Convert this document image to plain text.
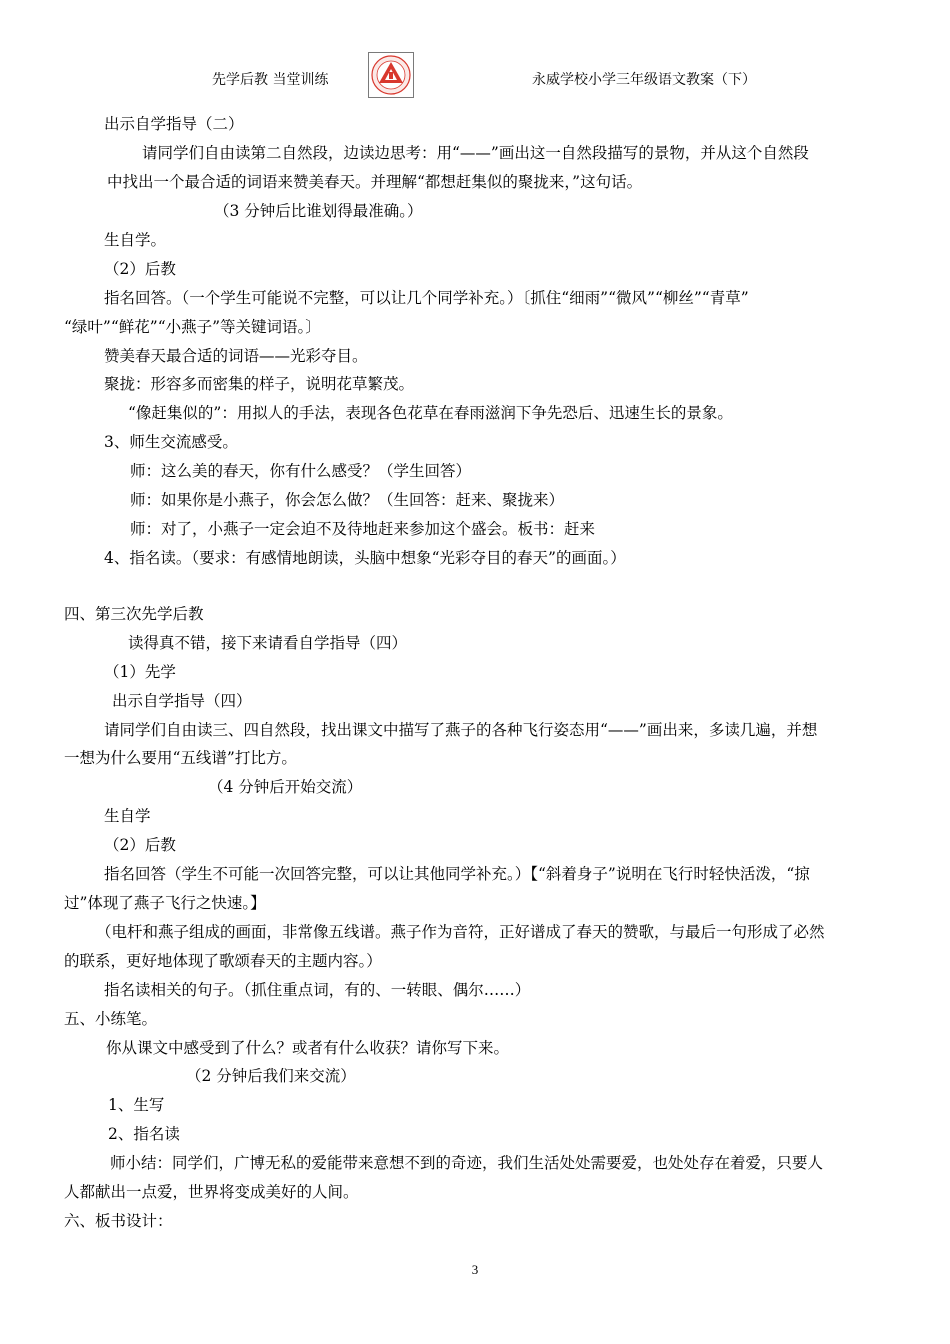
先学后教 当堂训练	永威学校小学三年级语文教案（下）
出示自学指导（二）
请同学们自由读第二自然段，边读边思考：用“——”画出这一自然段描写的景物，并从这个自然段
中找出一个最合适的词语来赞美春天。并理解“都想赶集似的聚拢来，”这句话。
（3 分钟后比谁划得最准确。）
生自学。
（2）后教
指名回答。（一个学生可能说不完整，可以让几个同学补充。）〔抓住“细雨”“微风”“柳丝”“青草”
“绿叶”“鲜花”“小燕子”等关键词语。〕
赞美春天最合适的词语——光彩夺目。
聚拢：形容多而密集的样子，说明花草繁茂。
“像赶集似的”：用拟人的手法，表现各色花草在春雨滋润下争先恐后、迅速生长的景象。
3、师生交流感受。
师：这么美的春天，你有什么感受？（学生回答）
师：如果你是小燕子，你会怎么做？（生回答：赶来、聚拢来）
师：对了，小燕子一定会迫不及待地赶来参加这个盛会。板书：赶来
4、指名读。（要求：有感情地朗读，头脑中想象“光彩夺目的春天”的画面。）
四、第三次先学后教
读得真不错，接下来请看自学指导（四）
（1）先学
出示自学指导（四）
请同学们自由读三、四自然段，找出课文中描写了燕子的各种飞行姿态用“——”画出来，多读几遍，并想
一想为什么要用“五线谱”打比方。
（4 分钟后开始交流）
生自学
（2）后教
指名回答（学生不可能一次回答完整，可以让其他同学补充。）【“斜着身子”说明在飞行时轻快活泼，“掠
过”体现了燕子飞行之快速。】
（电杆和燕子组成的画面，非常像五线谱。燕子作为音符，正好谱成了春天的赞歌，与最后一句形成了必然
的联系，更好地体现了歌颂春天的主题内容。）
指名读相关的句子。（抓住重点词，有的、一转眼、偶尔……）
五、小练笔。
你从课文中感受到了什么？或者有什么收获？请你写下来。
（2 分钟后我们来交流）
1、生写
2、指名读
师小结：同学们，广博无私的爱能带来意想不到的奇迹，我们生活处处需要爱，也处处存在着爱，只要人
人都献出一点爱，世界将变成美好的人间。
六、板书设计：
3
